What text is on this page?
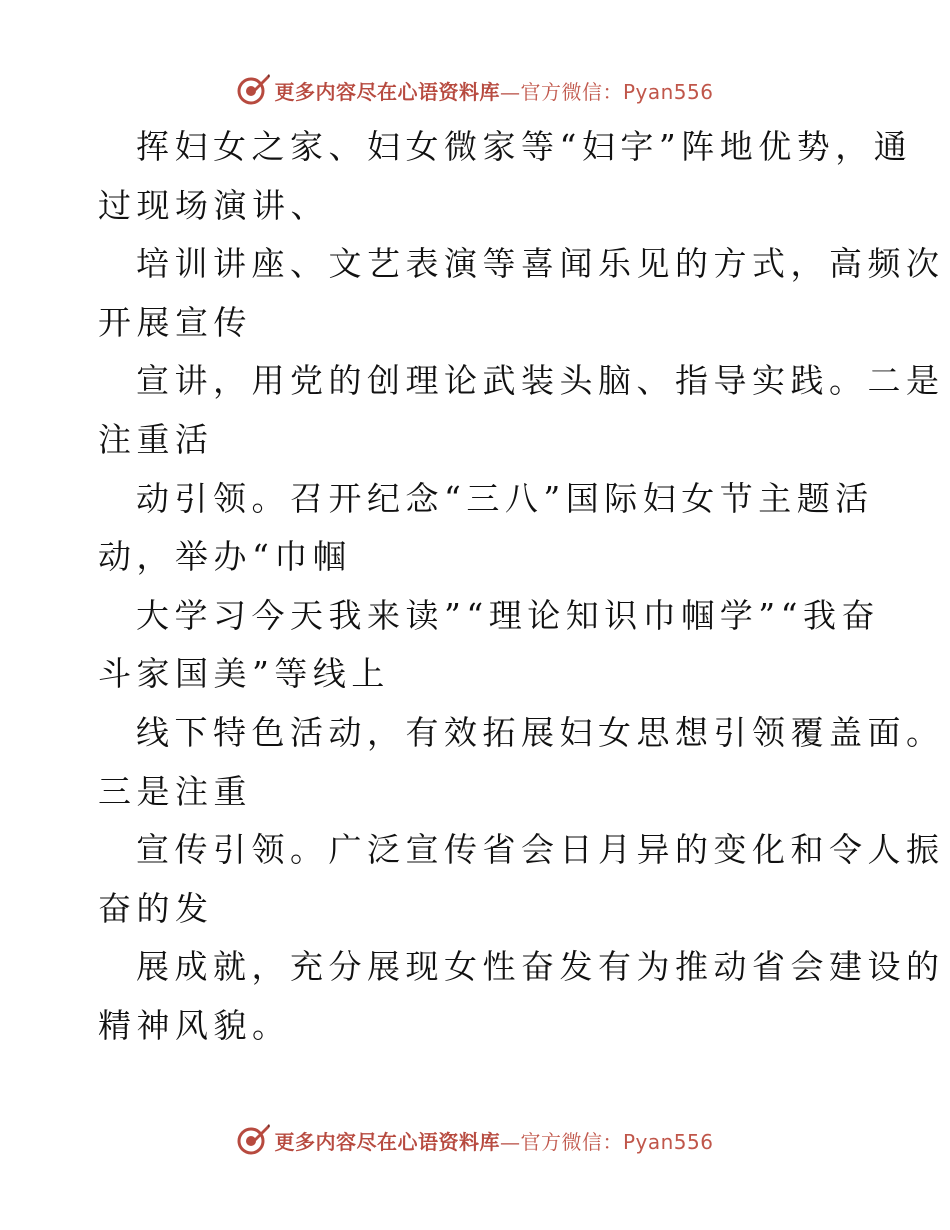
更多内容尽在心语资料库—官方微信：Pyan556
挥妇女之家、妇女微家等“妇字”阵地优势，通
过现场演讲、
培训讲座、文艺表演等喜闻乐见的方式，高频次
开展宣传
宣讲，用党的创理论武装头脑、指导实践。二是
注重活
动引领。召开纪念“三八”国际妇女节主题活
动，举办“巾帼
大学习今天我来读”“理论知识巾帼学”“我奋
斗家国美”等线上
线下特色活动，有效拓展妇女思想引领覆盖面。
三是注重
宣传引领。广泛宣传省会日月异的变化和令人振
奋的发
展成就，充分展现女性奋发有为推动省会建设的
精神风貌。
更多内容尽在心语资料库—官方微信：Pyan556
